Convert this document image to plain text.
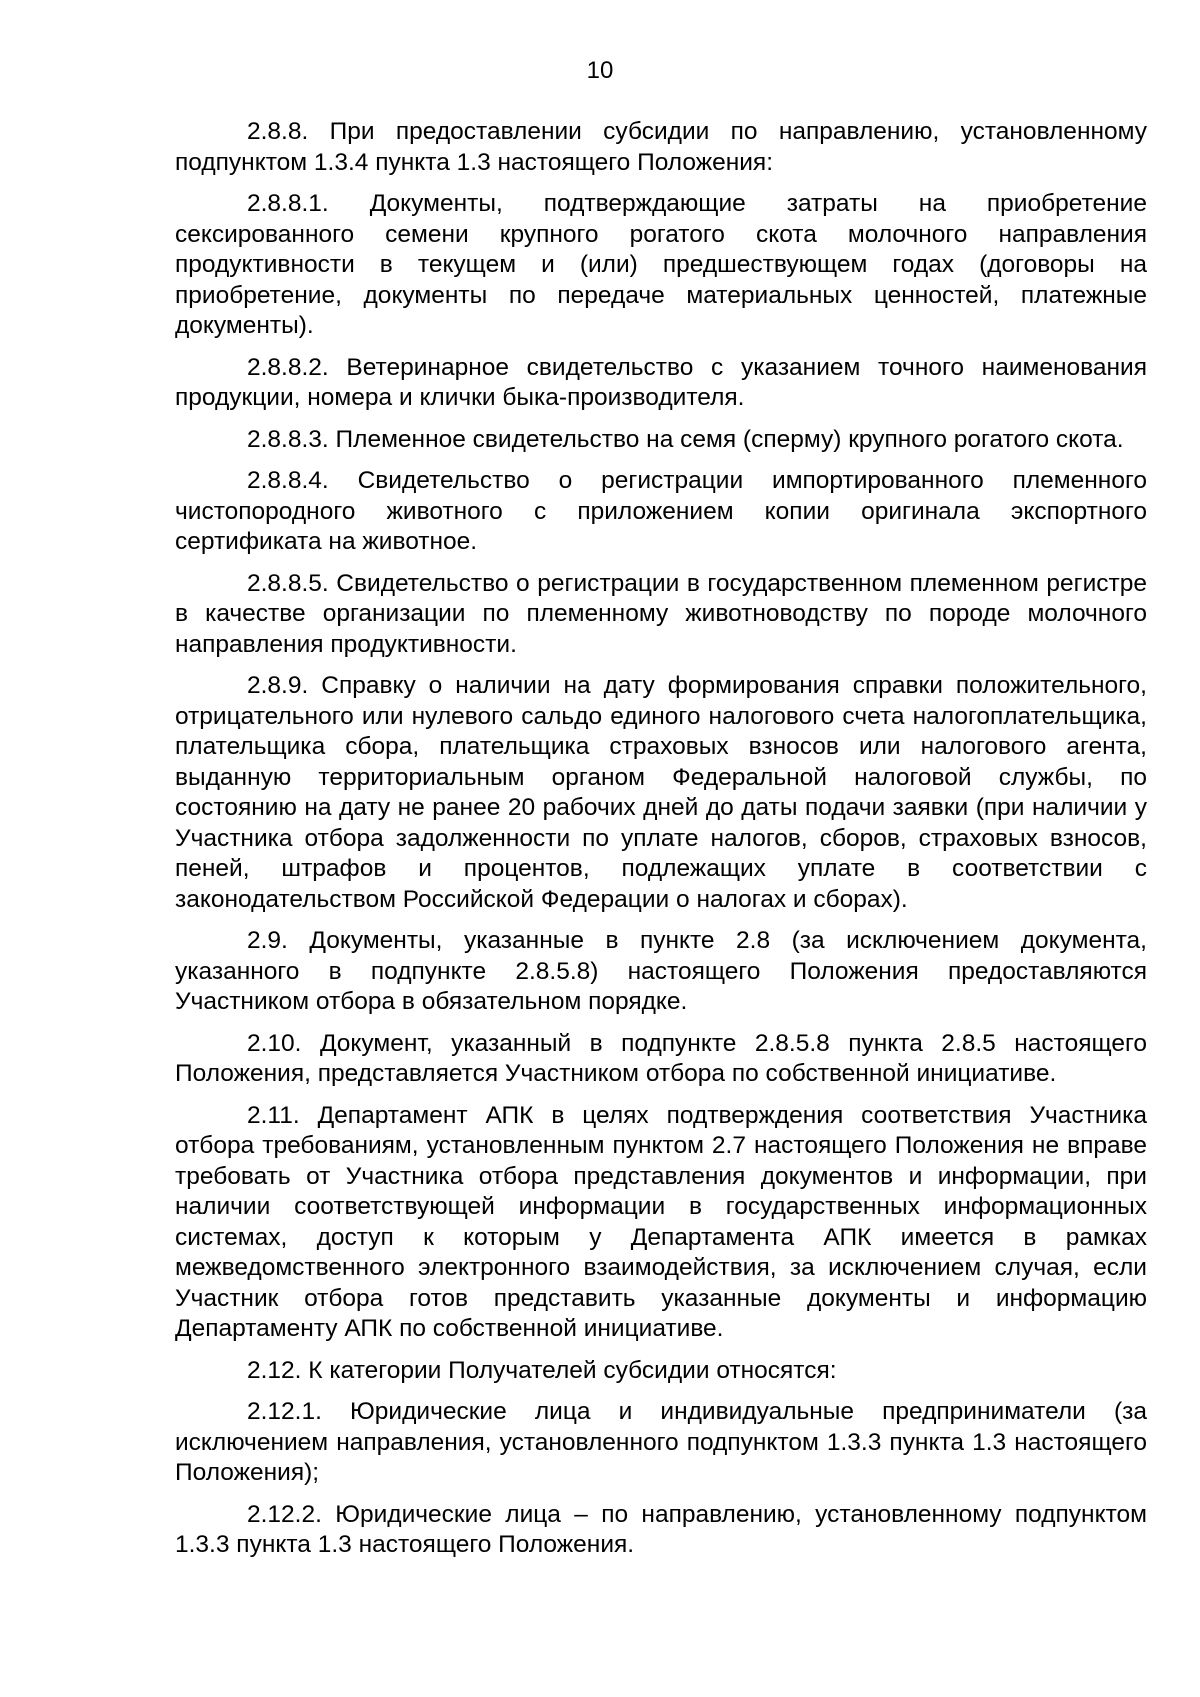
10

2.8.8. При предоставлении субсидии по направлению, установленному подпунктом 1.3.4 пункта 1.3 настоящего Положения:

2.8.8.1. Документы, подтверждающие затраты на приобретение сексированного семени крупного рогатого скота молочного направления продуктивности в текущем и (или) предшествующем годах (договоры на приобретение, документы по передаче материальных ценностей, платежные документы).

2.8.8.2. Ветеринарное свидетельство с указанием точного наименования продукции, номера и клички быка-производителя.

2.8.8.3. Племенное свидетельство на семя (сперму) крупного рогатого скота.

2.8.8.4. Свидетельство о регистрации импортированного племенного чистопородного животного с приложением копии оригинала экспортного сертификата на животное.

2.8.8.5. Свидетельство о регистрации в государственном племенном регистре в качестве организации по племенному животноводству по породе молочного направления продуктивности.

2.8.9. Справку о наличии на дату формирования справки положительного, отрицательного или нулевого сальдо единого налогового счета налогоплательщика, плательщика сбора, плательщика страховых взносов или налогового агента, выданную территориальным органом Федеральной налоговой службы, по состоянию на дату не ранее 20 рабочих дней до даты подачи заявки (при наличии у Участника отбора задолженности по уплате налогов, сборов, страховых взносов, пеней, штрафов и процентов, подлежащих уплате в соответствии с законодательством Российской Федерации о налогах и сборах).

2.9. Документы, указанные в пункте 2.8 (за исключением документа, указанного в подпункте 2.8.5.8) настоящего Положения предоставляются Участником отбора в обязательном порядке.

2.10. Документ, указанный в подпункте 2.8.5.8 пункта 2.8.5 настоящего Положения, представляется Участником отбора по собственной инициативе.

2.11. Департамент АПК в целях подтверждения соответствия Участника отбора требованиям, установленным пунктом 2.7 настоящего Положения не вправе требовать от Участника отбора представления документов и информации, при наличии соответствующей информации в государственных информационных системах, доступ к которым у Департамента АПК имеется в рамках межведомственного электронного взаимодействия, за исключением случая, если Участник отбора готов представить указанные документы и информацию Департаменту АПК по собственной инициативе.

2.12. К категории Получателей субсидии относятся:

2.12.1. Юридические лица и индивидуальные предприниматели (за исключением направления, установленного подпунктом 1.3.3 пункта 1.3 настоящего Положения);

2.12.2. Юридические лица – по направлению, установленному подпунктом 1.3.3 пункта 1.3 настоящего Положения.
